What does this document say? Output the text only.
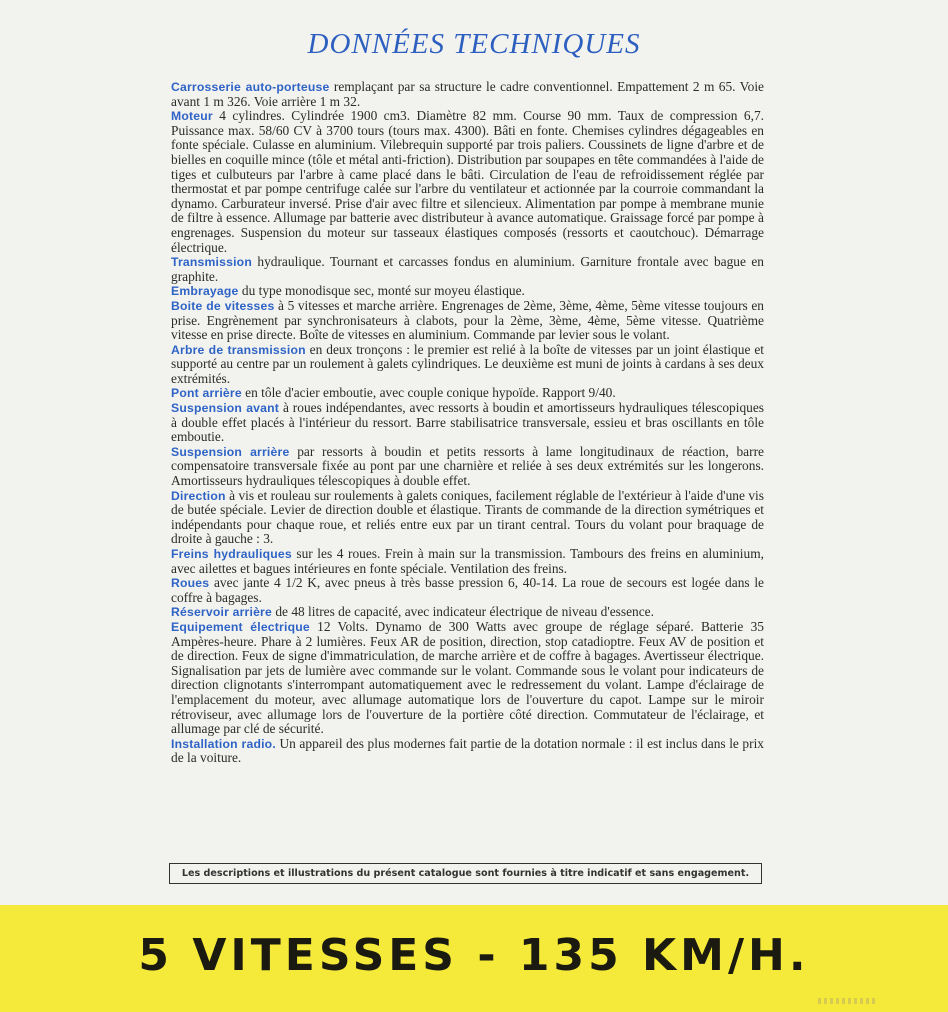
DONNÉES TECHNIQUES

Carrosserie auto-porteuse remplaçant par sa structure le cadre conventionnel. Empattement 2 m 65. Voie avant 1 m 326. Voie arrière 1 m 32.

Moteur 4 cylindres. Cylindrée 1900 cm3. Diamètre 82 mm. Course 90 mm. Taux de compression 6,7. Puissance max. 58/60 CV à 3700 tours (tours max. 4300). Bâti en fonte. Chemises cylindres dégageables en fonte spéciale. Culasse en aluminium. Vilebrequin supporté par trois paliers. Coussinets de ligne d'arbre et de bielles en coquille mince (tôle et métal anti-friction). Distribution par soupapes en tête commandées à l'aide de tiges et culbuteurs par l'arbre à came placé dans le bâti. Circulation de l'eau de refroidissement réglée par thermostat et par pompe centrifuge calée sur l'arbre du ventilateur et actionnée par la courroie commandant la dynamo. Carburateur inversé. Prise d'air avec filtre et silencieux. Alimentation par pompe à membrane munie de filtre à essence. Allumage par batterie avec distributeur à avance automatique. Graissage forcé par pompe à engrenages. Suspension du moteur sur tasseaux élastiques composés (ressorts et caoutchouc). Démarrage électrique.

Transmission hydraulique. Tournant et carcasses fondus en aluminium. Garniture frontale avec bague en graphite.

Embrayage du type monodisque sec, monté sur moyeu élastique.

Boite de vitesses à 5 vitesses et marche arrière. Engrenages de 2ème, 3ème, 4ème, 5ème vitesse toujours en prise. Engrènement par synchronisateurs à clabots, pour la 2ème, 3ème, 4ème, 5ème vitesse. Quatrième vitesse en prise directe. Boîte de vitesses en aluminium. Commande par levier sous le volant.

Arbre de transmission en deux tronçons : le premier est relié à la boîte de vitesses par un joint élastique et supporté au centre par un roulement à galets cylindriques. Le deuxième est muni de joints à cardans à ses deux extrémités.

Pont arrière en tôle d'acier emboutie, avec couple conique hypoïde. Rapport 9/40.

Suspension avant à roues indépendantes, avec ressorts à boudin et amortisseurs hydrauliques télescopiques à double effet placés à l'intérieur du ressort. Barre stabilisatrice transversale, essieu et bras oscillants en tôle emboutie.

Suspension arrière par ressorts à boudin et petits ressorts à lame longitudinaux de réaction, barre compensatoire transversale fixée au pont par une charnière et reliée à ses deux extrémités sur les longerons. Amortisseurs hydrauliques télescopiques à double effet.

Direction à vis et rouleau sur roulements à galets coniques, facilement réglable de l'extérieur à l'aide d'une vis de butée spéciale. Levier de direction double et élastique. Tirants de commande de la direction symétriques et indépendants pour chaque roue, et reliés entre eux par un tirant central. Tours du volant pour braquage de droite à gauche : 3.

Freins hydrauliques sur les 4 roues. Frein à main sur la transmission. Tambours des freins en aluminium, avec ailettes et bagues intérieures en fonte spéciale. Ventilation des freins.

Roues avec jante 4 1/2 K, avec pneus à très basse pression 6, 40-14. La roue de secours est logée dans le coffre à bagages.

Réservoir arrière de 48 litres de capacité, avec indicateur électrique de niveau d'essence.

Equipement électrique 12 Volts. Dynamo de 300 Watts avec groupe de réglage séparé. Batterie 35 Ampères-heure. Phare à 2 lumières. Feux AR de position, direction, stop catadioptre. Feux AV de position et de direction. Feux de signe d'immatriculation, de marche arrière et de coffre à bagages. Avertisseur électrique. Signalisation par jets de lumière avec commande sur le volant. Commande sous le volant pour indicateurs de direction clignotants s'interrompant automatiquement avec le redressement du volant. Lampe d'éclairage de l'emplacement du moteur, avec allumage automatique lors de l'ouverture du capot. Lampe sur le miroir rétroviseur, avec allumage lors de l'ouverture de la portière côté direction. Commutateur de l'éclairage, et allumage par clé de sécurité.

Installation radio. Un appareil des plus modernes fait partie de la dotation normale : il est inclus dans le prix de la voiture.

Les descriptions et illustrations du présent catalogue sont fournies à titre indicatif et sans engagement.
5 VITESSES - 135 KM/H.
